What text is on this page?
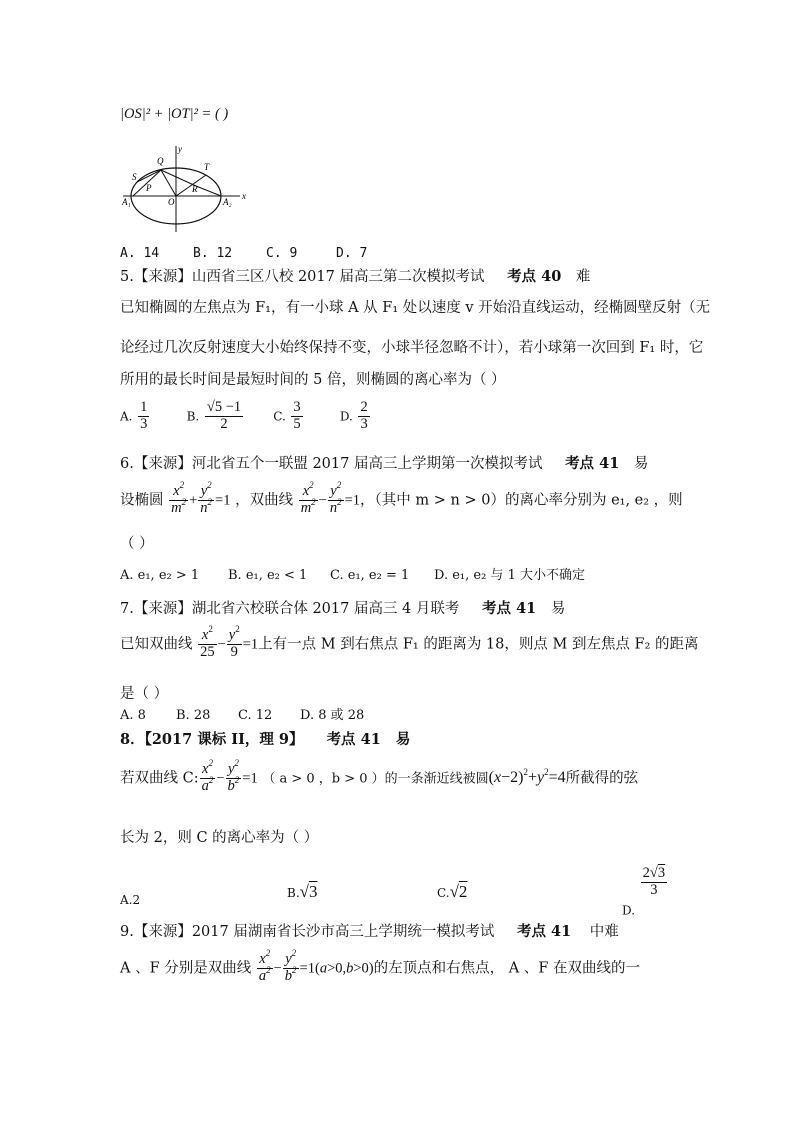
|OS|² + |OT|² = ( )
y
Q
T
S
P	R
A₁	O	A₂
x
A. 14	B. 12	C. 9	D. 7
5.【来源】山西省三区八校 2017 届高三第二次模拟考试 考点 40 难
已知椭圆的左焦点为 F₁，有一小球 A 从 F₁ 处以速度 v 开始沿直线运动，经椭圆壁反射（无
论经过几次反射速度大小始终保持不变，小球半径忽略不计），若小球第一次回到 F₁ 时，它
所用的最长时间是最短时间的 5 倍，则椭圆的离心率为（ ）
A. $\frac{1}{3}$	B. $\frac{√5 -1}{2}$	C. $\frac{3}{5}$	D. $\frac{2}{3}$
6.【来源】河北省五个一联盟 2017 届高三上学期第一次模拟考试 考点 41 易
设椭圆 $\frac{x^2}{m^2} + \frac{y^2}{n^2} =1$ ，双曲线 $\frac{x^2}{m^2} - \frac{y^2}{n^2} =1$，（其中 m > n > 0）的离心率分别为 e₁, e₂ ，则
（ ）
A. e₁, e₂ > 1 B. e₁, e₂ < 1 C. e₁, e₂ = 1 D. e₁, e₂ 与 1 大小不确定
7.【来源】湖北省六校联合体 2017 届高三 4 月联考 考点 41 易
已知双曲线 $\frac{x^2}{25} - \frac{y^2}{9} =1$上有一点 M 到右焦点 F₁ 的距离为 18，则点 M 到左焦点 F₂ 的距离
是（ ）
A. 8 B. 28 C. 12 D. 8 或 28
8．【2017 课标 II，理 9】 考点 41 易
若双曲线 C: $\frac{x^2}{a^2} - \frac{y^2}{b^2} =1$ （ a > 0 ，b > 0 ）的一条渐近线被圆$(x-2)^2+y^2=4$所截得的弦
长为 2，则 C 的离心率为（ ）
A.2	B.√3	C.√2
$_{D.}$
$\frac{2√3}{3}$
9.【来源】2017 届湖南省长沙市高三上学期统一模拟考试 考点 41 中难
A 、F 分别是双曲线 $\frac{x^2}{a^2} - \frac{y^2}{b^2} =1(a>0,b>0)$的左顶点和右焦点， A 、F 在双曲线的一
